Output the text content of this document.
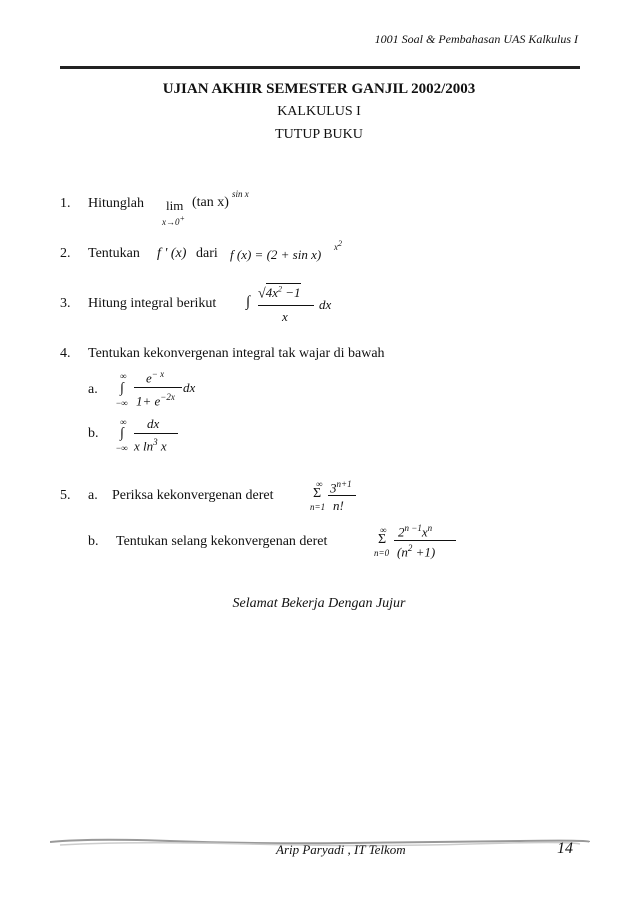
1001 Soal & Pembahasan UAS Kalkulus I
UJIAN AKHIR SEMESTER GANJIL 2002/2003
KALKULUS I
TUTUP BUKU
1. Hitunglah lim
x→0+
(tan x)
sin x
2. Tentukan f ' (x) dari f (x) = (2 + sin x) x2
3. Hitung integral berikut ∫
$√4x^2 -1$
x
dx
4. Tentukan kekonvergenan integral tak wajar di bawah
a.
∞
∫
−∞
$e^{- x}$
$1+ e^{-2x}$
dx
b.
∞
∫
−∞
dx
x $\ln^3 x$
5. a. Periksa kekonvergenan deret
∞
Σ
n=1
$3^{n+1}$
n!
b. Tentukan selang kekonvergenan deret
∞
Σ
n=0
$2^{n -1}x^n$
$(n^2 +1)$
Selamat Bekerja Dengan Jujur
Arip Paryadi , IT Telkom	14
